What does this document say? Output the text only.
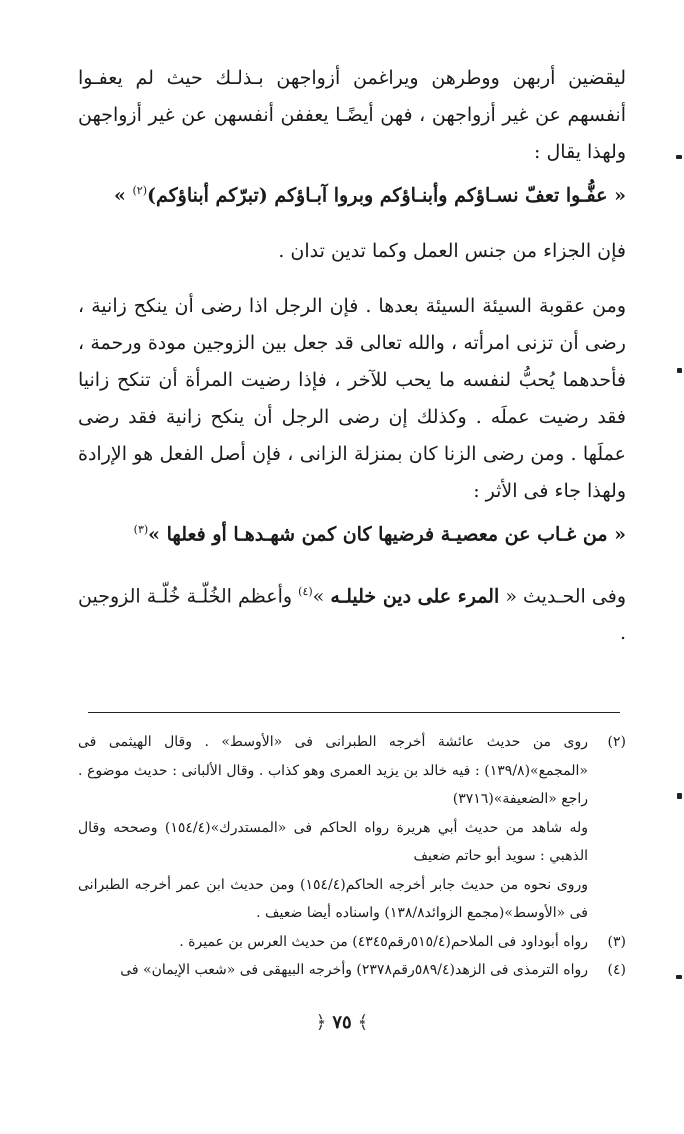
ليقضين أربهن ووطرهن ويراغمن أزواجهن بـذلـك حيث لم يعفـوا أنفسهم عن غير أزواجهن ، فهن أيضًـا يعففن أنفسهن عن غير أزواجهن ولهذا يقال :

« عفُّـوا تعفّ نسـاؤكم وأبنـاؤكم وبروا آبـاؤكم (تبرّكم أبناؤكم)$^{(٢)}$ »

فإن الجزاء من جنس العمل وكما تدين تدان .

ومن عقوبة السيئة السيئة بعدها . فإن الرجل اذا رضى أن ينكح زانية ، رضى أن تزنى امرأته ، والله تعالى قد جعل بين الزوجين مودة ورحمة ، فأحدهما يُحبُّ لنفسه ما يحب للآخر ، فإذا رضيت المرأة أن تنكح زانيا فقد رضيت عملَه . وكذلك إن رضى الرجل أن ينكح زانية فقد رضى عملَها . ومن رضى الزنا كان بمنزلة الزانى ، فإن أصل الفعل هو الإرادة ولهذا جاء فى الأثر :

« من غـاب عن معصيـة فرضيها كان كمن شهـدهـا أو فعلها »$^{(٣)}$

وفى الحـديث « المرء على دين خليلـه »$^{(٤)}$ وأعظم الخُلّـة خُلّـة الزوجين .

(٢)
روى من حديث عائشة أخرجه الطبرانى فى «الأوسط» . وقال الهيثمى فى «المجمع»(١٣٩/٨) : فيه خالد بن يزيد العمرى وهو كذاب . وقال الألبانى : حديث موضوع . راجع «الضعيفة»(٣٧١٦)
وله شاهد من حديث أبي هريرة رواه الحاكم فى «المستدرك»(١٥٤/٤) وصححه وقال الذهبي : سويد أبو حاتم ضعيف
وروى نحوه من حديث جابر أخرجه الحاكم(١٥٤/٤) ومن حديث ابن عمر أخرجه الطبرانى فى «الأوسط»(مجمع الزوائد١٣٨/٨) واسناده أيضا ضعيف .
(٣)
رواه أبوداود فى الملاحم(٥١٥/٤رقم٤٣٤٥) من حديث العرس بن عميرة .
(٤)
رواه الترمذى فى الزهد(٥٨٩/٤رقم٢٣٧٨) وأخرجه البيهقى فى «شعب الإيمان» فى
﴾٧٥﴿
